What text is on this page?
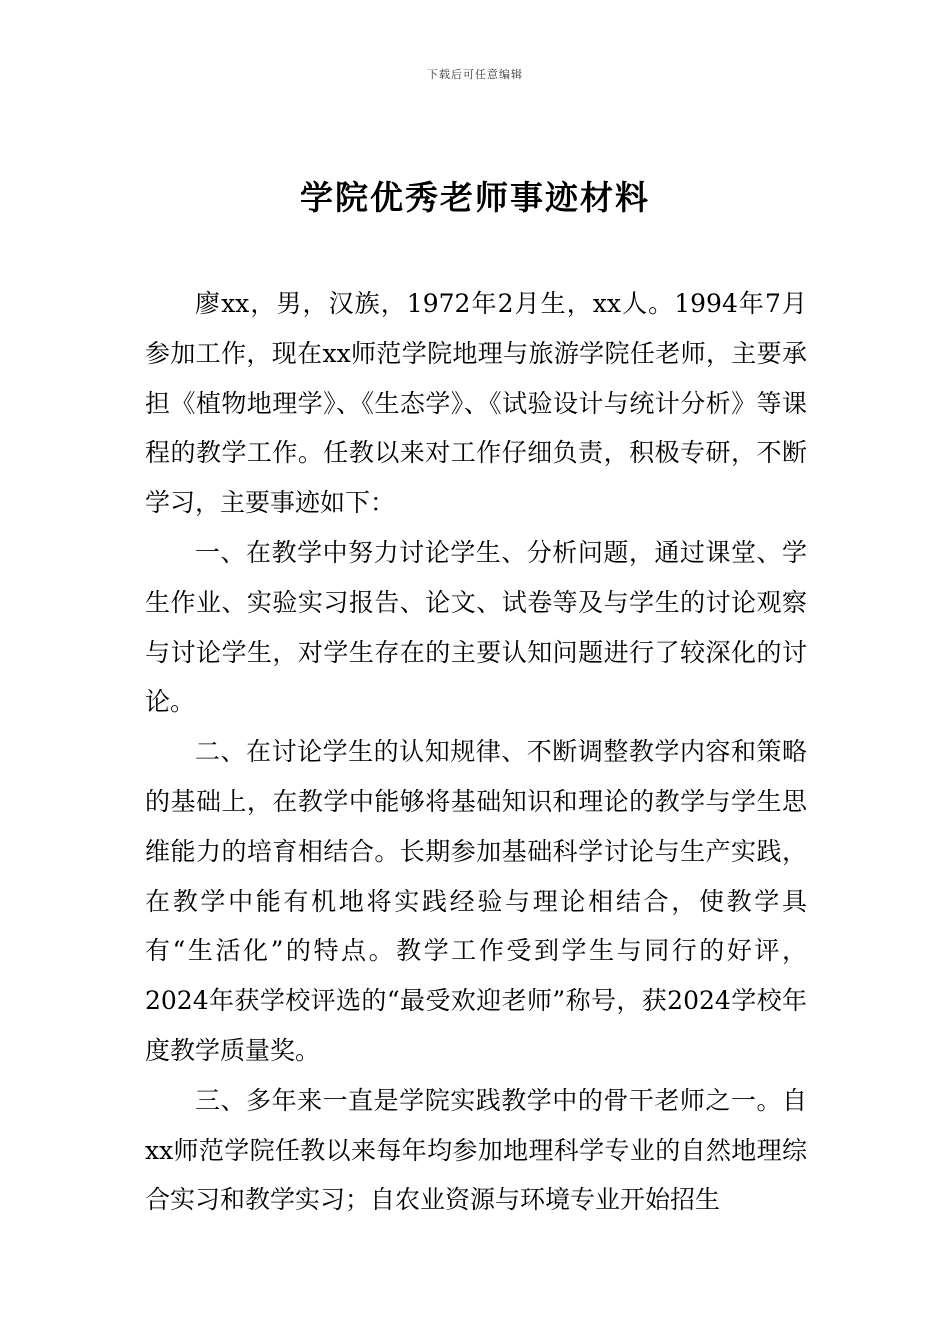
下载后可任意编辑
学院优秀老师事迹材料

廖xx，男，汉族，1972年2月生，xx人。1994年7月参加工作，现在xx师范学院地理与旅游学院任老师，主要承担《植物地理学》、《生态学》、《试验设计与统计分析》等课程的教学工作。任教以来对工作仔细负责，积极专研，不断学习，主要事迹如下：

一、在教学中努力讨论学生、分析问题，通过课堂、学生作业、实验实习报告、论文、试卷等及与学生的讨论观察与讨论学生，对学生存在的主要认知问题进行了较深化的讨论。

二、在讨论学生的认知规律、不断调整教学内容和策略的基础上，在教学中能够将基础知识和理论的教学与学生思维能力的培育相结合。长期参加基础科学讨论与生产实践，在教学中能有机地将实践经验与理论相结合，使教学具有“生活化”的特点。教学工作受到学生与同行的好评，2024年获学校评选的“最受欢迎老师”称号，获2024学校年度教学质量奖。

三、多年来一直是学院实践教学中的骨干老师之一。自xx师范学院任教以来每年均参加地理科学专业的自然地理综合实习和教学实习；自农业资源与环境专业开始招生
